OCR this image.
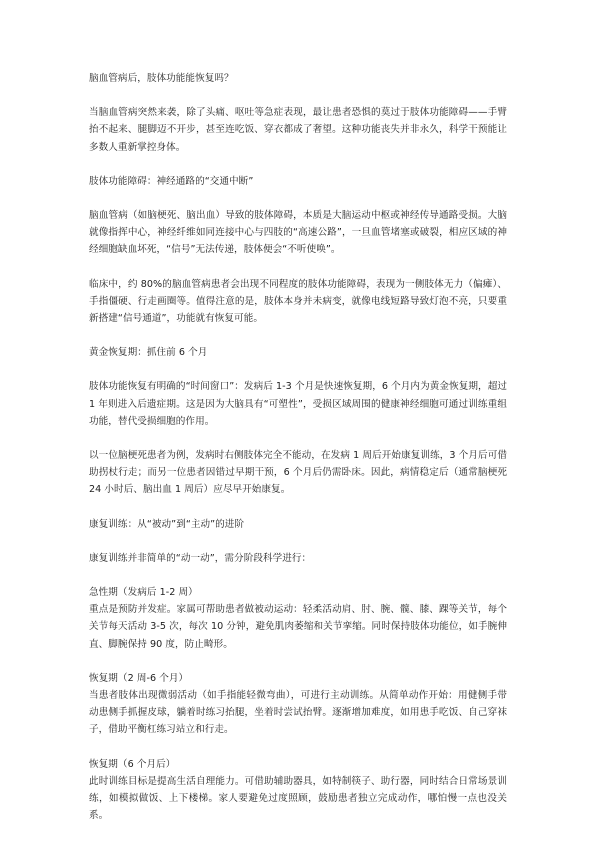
脑血管病后，肢体功能能恢复吗？

当脑血管病突然来袭，除了头痛、呕吐等急症表现，最让患者恐惧的莫过于肢体功能障碍——手臂抬不起来、腿脚迈不开步，甚至连吃饭、穿衣都成了奢望。这种功能丧失并非永久，科学干预能让多数人重新掌控身体。

肢体功能障碍：神经通路的“交通中断”

脑血管病（如脑梗死、脑出血）导致的肢体障碍，本质是大脑运动中枢或神经传导通路受损。大脑就像指挥中心，神经纤维如同连接中心与四肢的“高速公路”，一旦血管堵塞或破裂，相应区域的神经细胞缺血坏死，“信号”无法传递，肢体便会“不听使唤”。

临床中，约 80%的脑血管病患者会出现不同程度的肢体功能障碍，表现为一侧肢体无力（偏瘫）、手指僵硬、行走画圈等。值得注意的是，肢体本身并未病变，就像电线短路导致灯泡不亮，只要重新搭建“信号通道”，功能就有恢复可能。

黄金恢复期：抓住前 6 个月

肢体功能恢复有明确的“时间窗口”：发病后 1-3 个月是快速恢复期，6 个月内为黄金恢复期，超过 1 年则进入后遗症期。这是因为大脑具有“可塑性”，受损区域周围的健康神经细胞可通过训练重组功能，替代受损细胞的作用。

以一位脑梗死患者为例，发病时右侧肢体完全不能动，在发病 1 周后开始康复训练，3 个月后可借助拐杖行走；而另一位患者因错过早期干预，6 个月后仍需卧床。因此，病情稳定后（通常脑梗死 24 小时后、脑出血 1 周后）应尽早开始康复。

康复训练：从“被动”到“主动”的进阶

康复训练并非简单的“动一动”，需分阶段科学进行：

急性期（发病后 1-2 周）

重点是预防并发症。家属可帮助患者做被动运动：轻柔活动肩、肘、腕、髋、膝、踝等关节，每个关节每天活动 3-5 次，每次 10 分钟，避免肌肉萎缩和关节挛缩。同时保持肢体功能位，如手腕伸直、脚腕保持 90 度，防止畸形。

恢复期（2 周-6 个月）

当患者肢体出现微弱活动（如手指能轻微弯曲），可进行主动训练。从简单动作开始：用健侧手带动患侧手抓握皮球，躺着时练习抬腿，坐着时尝试抬臂。逐渐增加难度，如用患手吃饭、自己穿袜子，借助平衡杠练习站立和行走。

恢复期（6 个月后）

此时训练目标是提高生活自理能力。可借助辅助器具，如特制筷子、助行器，同时结合日常场景训练，如模拟做饭、上下楼梯。家人要避免过度照顾，鼓励患者独立完成动作，哪怕慢一点也没关系。
